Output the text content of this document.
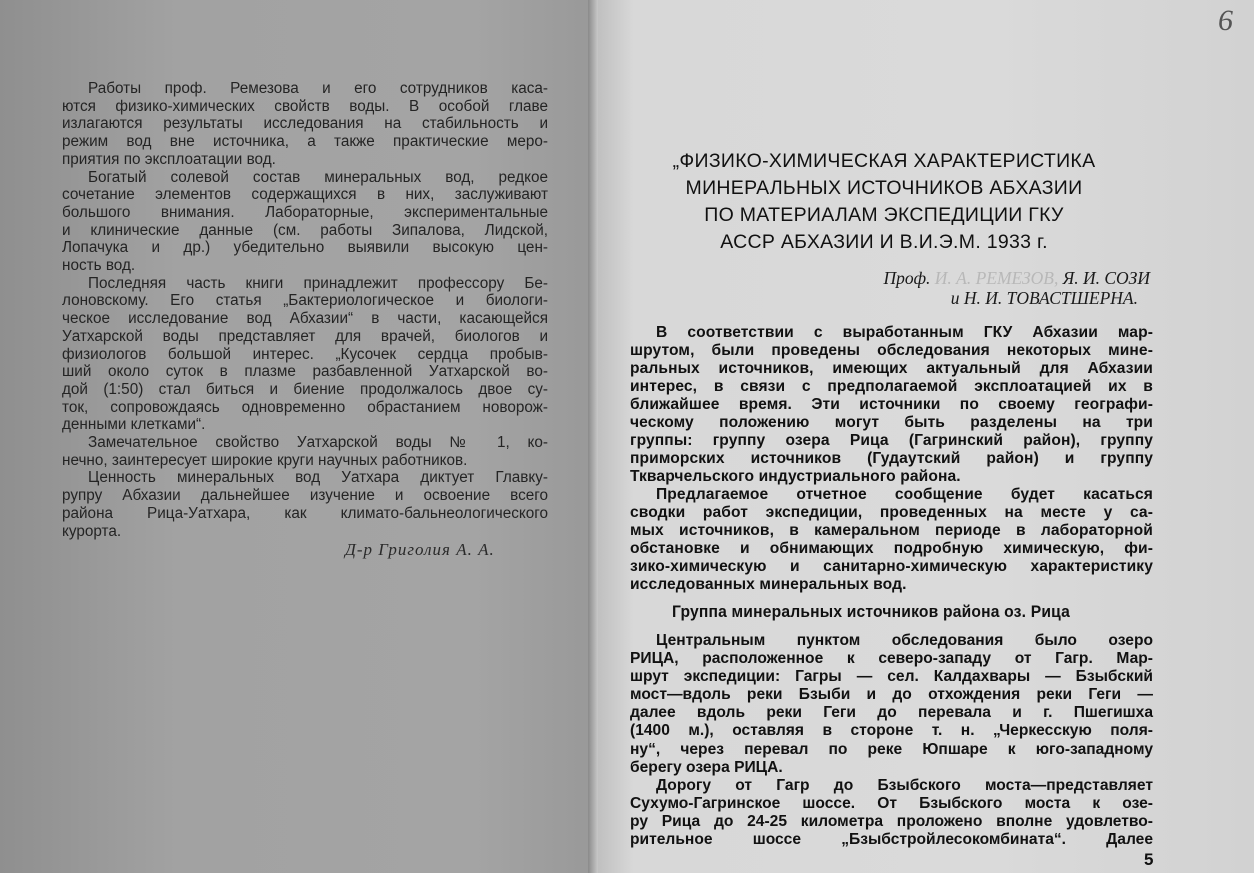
Работы проф. Ремезова и его сотрудников каса-
ются физико-химических свойств воды. В особой главе
излагаются результаты исследования на стабильность и
режим вод вне источника, а также практические меро-
приятия по эксплоатации вод.
Богатый солевой состав минеральных вод, редкое
сочетание элементов содержащихся в них, заслуживают
большого внимания. Лабораторные, экспериментальные
и клинические данные (см. работы Зипалова, Лидской,
Лопачука и др.) убедительно выявили высокую цен-
ность вод.
Последняя часть книги принадлежит профессору Бе-
лоновскому. Его статья „Бактериологическое и биологи-
ческое исследование вод Абхазии“ в части, касающейся
Уатхарской воды представляет для врачей, биологов и
физиологов большой интерес. „Кусочек сердца пробыв-
ший около суток в плазме разбавленной Уатхарской во-
дой (1:50) стал биться и биение продолжалось двое су-
ток, сопровождаясь одновременно обрастанием новорож-
денными клетками“.
Замечательное свойство Уатхарской воды № 1, ко-
нечно, заинтересует широкие круги научных работников.
Ценность минеральных вод Уатхара диктует Главку-
рупру Абхазии дальнейшее изучение и освоение всего
района Рица-Уатхара, как климато-бальнеологического
курорта.
Д-р Григолия А. А.
6
„ФИЗИКО-ХИМИЧЕСКАЯ ХАРАКТЕРИСТИКА
МИНЕРАЛЬНЫХ ИСТОЧНИКОВ АБХАЗИИ
ПО МАТЕРИАЛАМ ЭКСПЕДИЦИИ ГКУ
АССР АБХАЗИИ И В.И.Э.М. 1933 г.
Проф. И. А. РЕМЕЗОВ, Я. И. СОЗИ
и Н. И. ТОВАСТШЕРНА.
В соответствии с выработанным ГКУ Абхазии мар-
шрутом, были проведены обследования некоторых мине-
ральных источников, имеющих актуальный для Абхазии
интерес, в связи с предполагаемой эксплоатацией их в
ближайшее время. Эти источники по своему географи-
ческому положению могут быть разделены на три
группы: группу озера Рица (Гагринский район), группу
приморских источников (Гудаутский район) и группу
Ткварчельского индустриального района.
Предлагаемое отчетное сообщение будет касаться
сводки работ экспедиции, проведенных на месте у са-
мых источников, в камеральном периоде в лабораторной
обстановке и обнимающих подробную химическую, фи-
зико-химическую и санитарно-химическую характеристику
исследованных минеральных вод.
Группа минеральных источников района оз. Рица
Центральным пунктом обследования было озеро
РИЦА, расположенное к северо-западу от Гагр. Мар-
шрут экспедиции: Гагры — сел. Калдахвары — Бзыбский
мост—вдоль реки Бзыби и до отхождения реки Геги —
далее вдоль реки Геги до перевала и г. Пшегишха
(1400 м.), оставляя в стороне т. н. „Черкесскую поля-
ну“, через перевал по реке Юпшаре к юго-западному
берегу озера РИЦА.
Дорогу от Гагр до Бзыбского моста—представляет
Сухумо-Гагринское шоссе. От Бзыбского моста к озе-
ру Рица до 24-25 километра проложено вполне удовлетво-
рительное шоссе „Бзыбстройлесокомбината“. Далее
5
